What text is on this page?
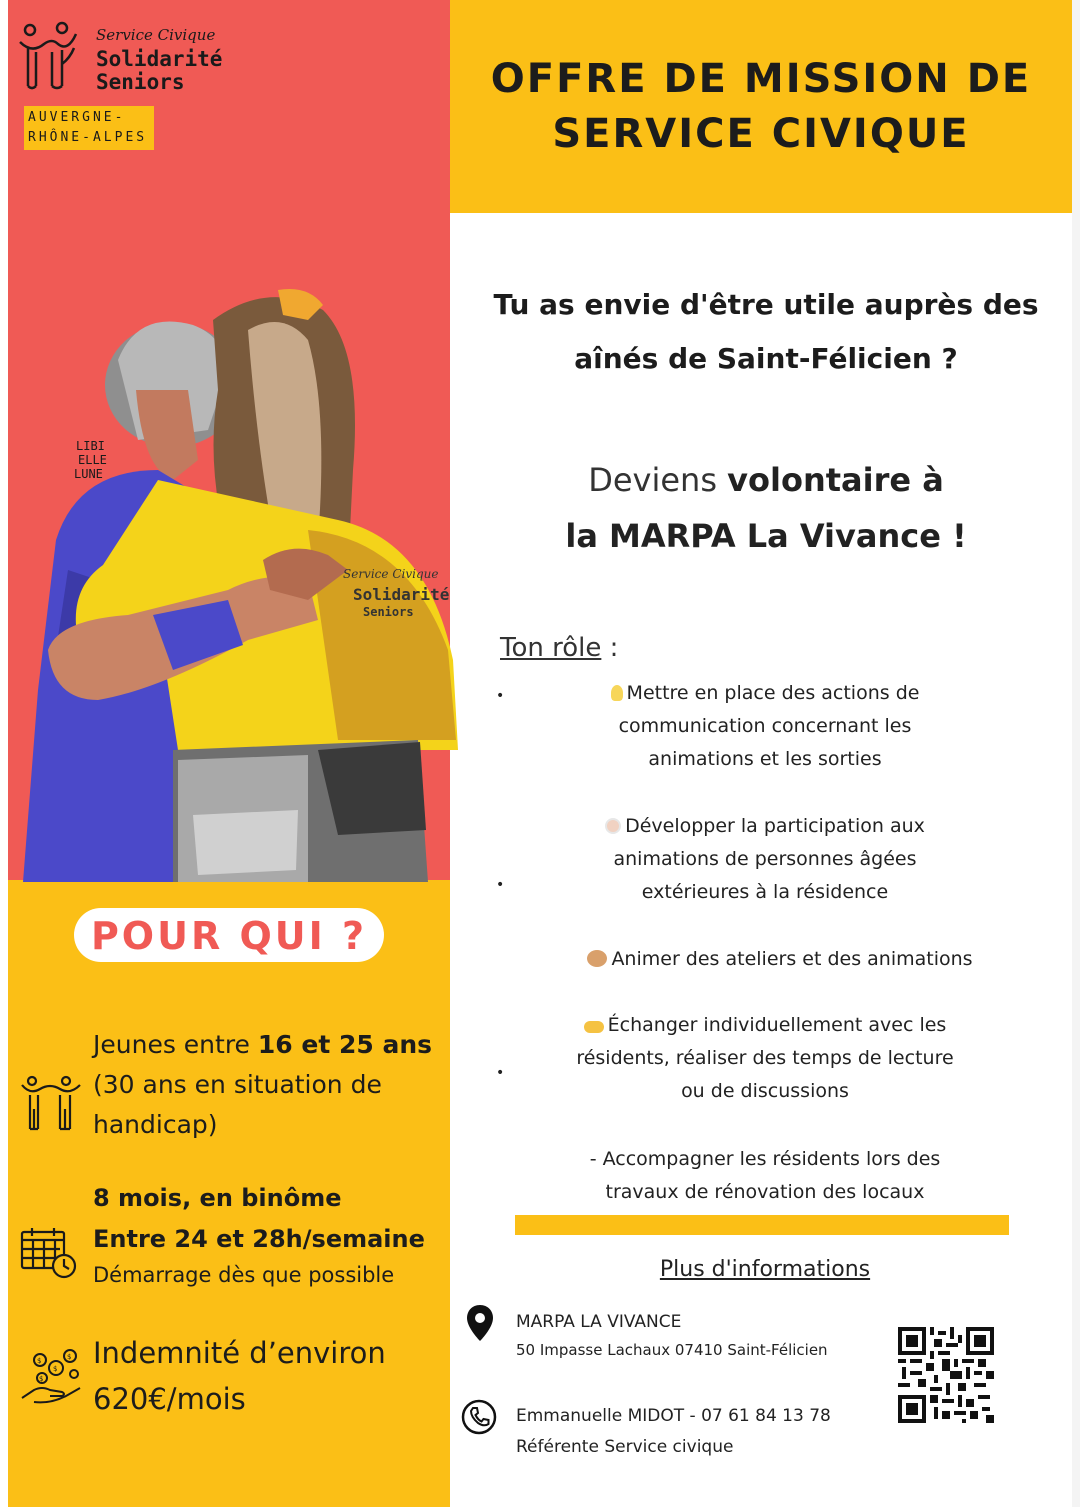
Service Civique
Solidarité
Seniors
AUVERGNE-
RHÔNE-ALPES
OFFRE DE MISSION DE
SERVICE CIVIQUE
Service Civique
Solidarité
Seniors
LIBI
ELLE
LUNE
Tu as envie d'être utile auprès des
aînés de Saint-Félicien ?
Deviens volontaire à
la MARPA La Vivance !
Ton rôle :
•	Mettre en place des actions de
communication concernant les
animations et les sorties
•
Développer la participation aux
animations de personnes âgées
extérieures à la résidence
Animer des ateliers et des animations
•
Échanger individuellement avec les
résidents, réaliser des temps de lecture
ou de discussions
- Accompagner les résidents lors des
travaux de rénovation des locaux
Plus d'informations
MARPA LA VIVANCE
50 Impasse Lachaux 07410 Saint-Félicien
Emmanuelle MIDOT - 07 61 84 13 78
Référente Service civique
POUR QUI ?
Jeunes entre 16 et 25 ans
(30 ans en situation de
handicap)
8 mois, en binôme
Entre 24 et 28h/semaine
Démarrage dès que possible
$
$
$
$
Indemnité d’environ
620€/mois
